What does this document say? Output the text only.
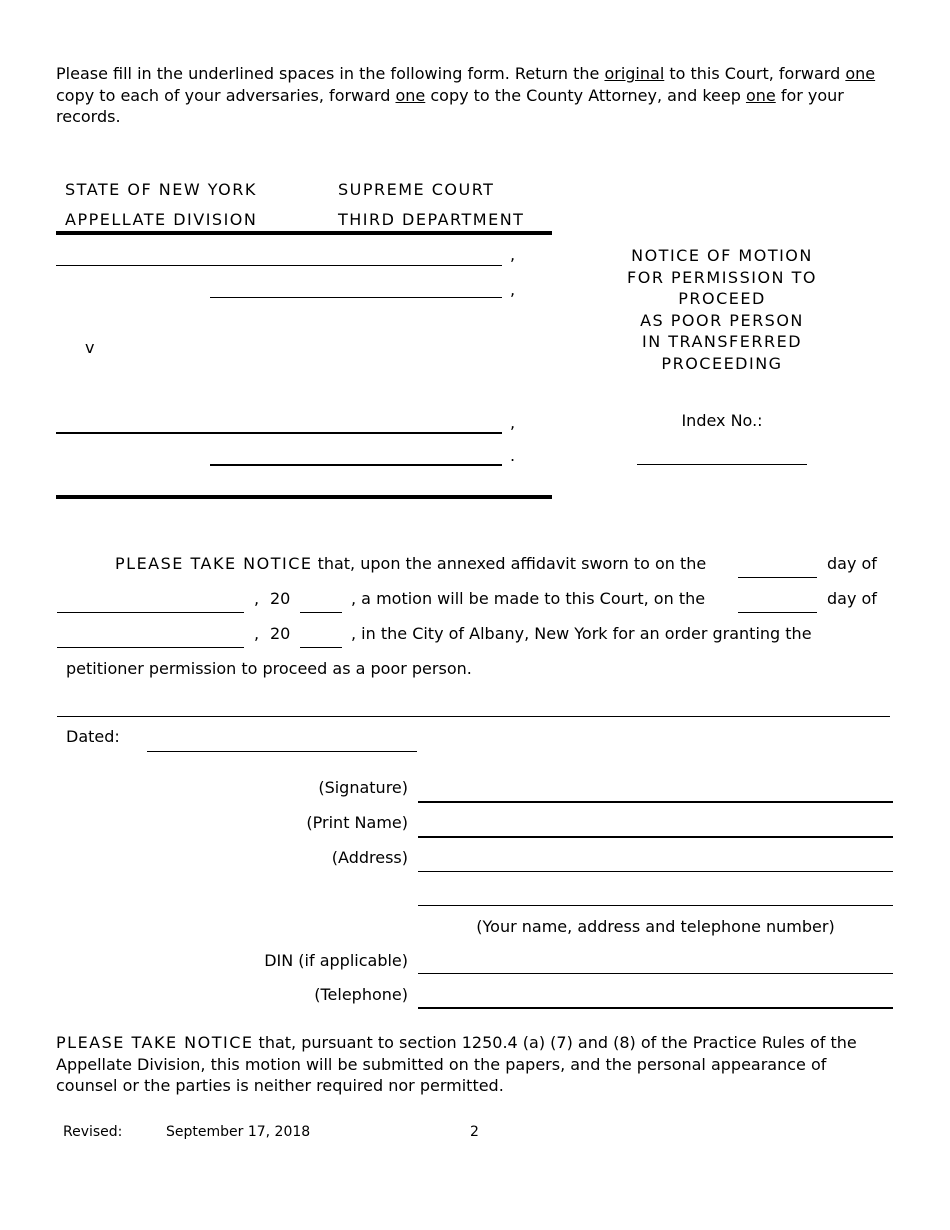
Please fill in the underlined spaces in the following form. Return the original to this Court, forward one copy to each of your adversaries, forward one copy to the County Attorney, and keep one for your records.
STATE OF NEW YORK	SUPREME COURT
APPELLATE DIVISION	THIRD DEPARTMENT
,
,
v
,
.
NOTICE OF MOTION
FOR PERMISSION TO
PROCEED
AS POOR PERSON
IN TRANSFERRED
PROCEEDING
Index No.:
PLEASE TAKE NOTICE that, upon the annexed affidavit sworn to on the	day of
, 20	, a motion will be made to this Court, on the	day of
, 20	, in the City of Albany, New York for an order granting the
petitioner permission to proceed as a poor person.
Dated:
(Signature)
(Print Name)
(Address)
(Your name, address and telephone number)
DIN (if applicable)
(Telephone)
PLEASE TAKE NOTICE that, pursuant to section 1250.4 (a) (7) and (8) of the Practice Rules of the Appellate Division, this motion will be submitted on the papers, and the personal appearance of counsel or the parties is neither required nor permitted.
Revised:	September 17, 2018	2
